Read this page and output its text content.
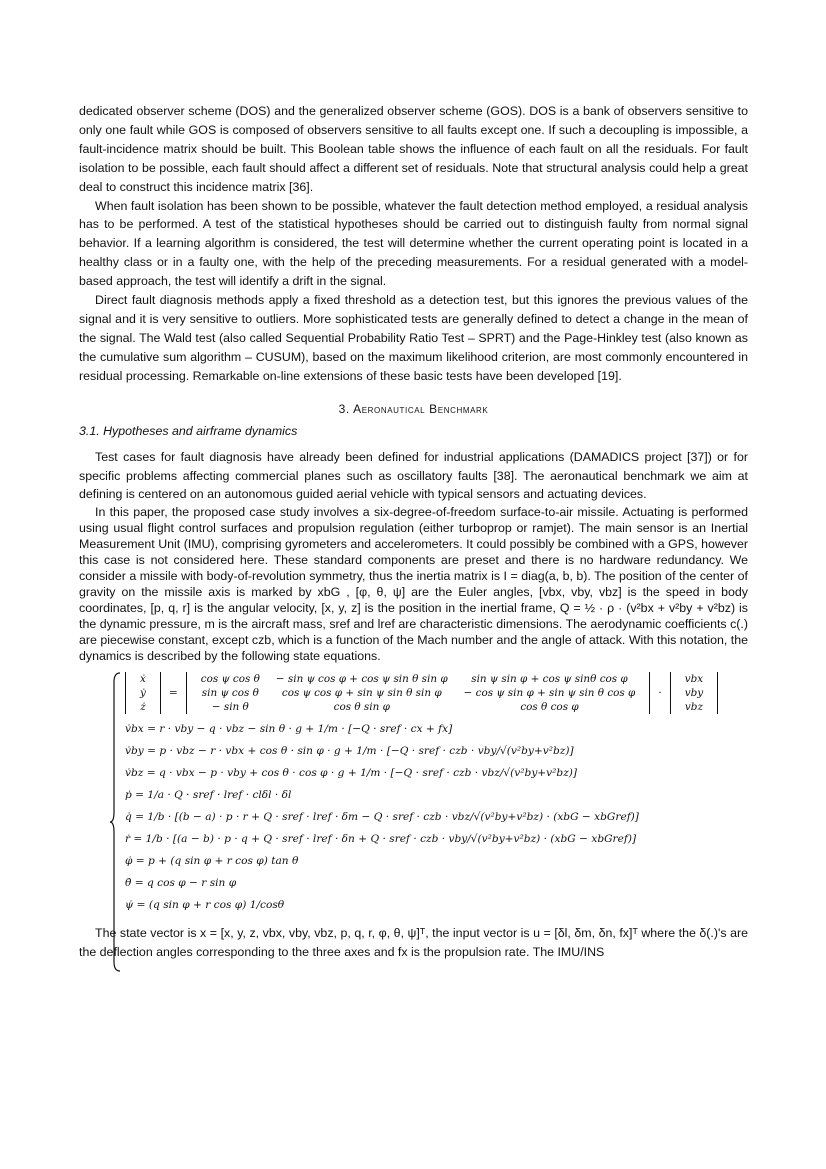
dedicated observer scheme (DOS) and the generalized observer scheme (GOS). DOS is a bank of observers sensitive to only one fault while GOS is composed of observers sensitive to all faults except one. If such a decoupling is impossible, a fault-incidence matrix should be built. This Boolean table shows the influence of each fault on all the residuals. For fault isolation to be possible, each fault should affect a different set of residuals. Note that structural analysis could help a great deal to construct this incidence matrix [36].

When fault isolation has been shown to be possible, whatever the fault detection method employed, a residual analysis has to be performed. A test of the statistical hypotheses should be carried out to distinguish faulty from normal signal behavior. If a learning algorithm is considered, the test will determine whether the current operating point is located in a healthy class or in a faulty one, with the help of the preceding measurements. For a residual generated with a model-based approach, the test will identify a drift in the signal.

Direct fault diagnosis methods apply a fixed threshold as a detection test, but this ignores the previous values of the signal and it is very sensitive to outliers. More sophisticated tests are generally defined to detect a change in the mean of the signal. The Wald test (also called Sequential Probability Ratio Test – SPRT) and the Page-Hinkley test (also known as the cumulative sum algorithm – CUSUM), based on the maximum likelihood criterion, are most commonly encountered in residual processing. Remarkable on-line extensions of these basic tests have been developed [19].

3. Aeronautical Benchmark
3.1. Hypotheses and airframe dynamics

Test cases for fault diagnosis have already been defined for industrial applications (DAMADICS project [37]) or for specific problems affecting commercial planes such as oscillatory faults [38]. The aeronautical benchmark we aim at defining is centered on an autonomous guided aerial vehicle with typical sensors and actuating devices.

In this paper, the proposed case study involves a six-degree-of-freedom surface-to-air missile. Actuating is performed using usual flight control surfaces and propulsion regulation (either turboprop or ramjet). The main sensor is an Inertial Measurement Unit (IMU), comprising gyrometers and accelerometers. It could possibly be combined with a GPS, however this case is not considered here. These standard components are preset and there is no hardware redundancy. We consider a missile with body-of-revolution symmetry, thus the inertia matrix is I = diag(a, b, b). The position of the center of gravity on the missile axis is marked by xbG , [φ, θ, ψ] are the Euler angles, [vbx, vby, vbz] is the speed in body coordinates, [p, q, r] is the angular velocity, [x, y, z] is the position in the inertial frame, Q = ½ · ρ · (v²bx + v²by + v²bz) is the dynamic pressure, m is the aircraft mass, sref and lref are characteristic dimensions. The aerodynamic coefficients c(.) are piecewise constant, except czb, which is a function of the Mach number and the angle of attack. With this notation, the dynamics is described by the following state equations.

ẋ
ẏ
ż
=
cos ψ cos θ	− sin ψ cos φ + cos ψ sin θ sin φ	sin ψ sin φ + cos ψ sinθ cos φ
sin ψ cos θ	cos ψ cos φ + sin ψ sin θ sin φ	− cos ψ sin φ + sin ψ sin θ cos φ
− sin θ	cos θ sin φ	cos θ cos φ
·
vbx
vby
vbz
v̇bx = r · vby − q · vbz − sin θ · g + 1/m · [−Q · sref · cx + fx]
v̇by = p · vbz − r · vbx + cos θ · sin φ · g + 1/m · [−Q · sref · czb · vby/√(v²by+v²bz)]
v̇bz = q · vbx − p · vby + cos θ · cos φ · g + 1/m · [−Q · sref · czb · vbz/√(v²by+v²bz)]
ṗ = 1/a · Q · sref · lref · clδl · δl
q̇ = 1/b · [(b − a) · p · r + Q · sref · lref · δm − Q · sref · czb · vbz/√(v²by+v²bz) · (xbG − xbGref)]
ṙ = 1/b · [(a − b) · p · q + Q · sref · lref · δn + Q · sref · czb · vby/√(v²by+v²bz) · (xbG − xbGref)]
φ̇ = p + (q sin φ + r cos φ) tan θ
θ̇ = q cos φ − r sin φ
ψ̇ = (q sin φ + r cos φ) 1/cosθ

The state vector is x = [x, y, z, vbx, vby, vbz, p, q, r, φ, θ, ψ]ᵀ, the input vector is u = [δl, δm, δn, fx]ᵀ where the δ(.)'s are the deflection angles corresponding to the three axes and fx is the propulsion rate. The IMU/INS
